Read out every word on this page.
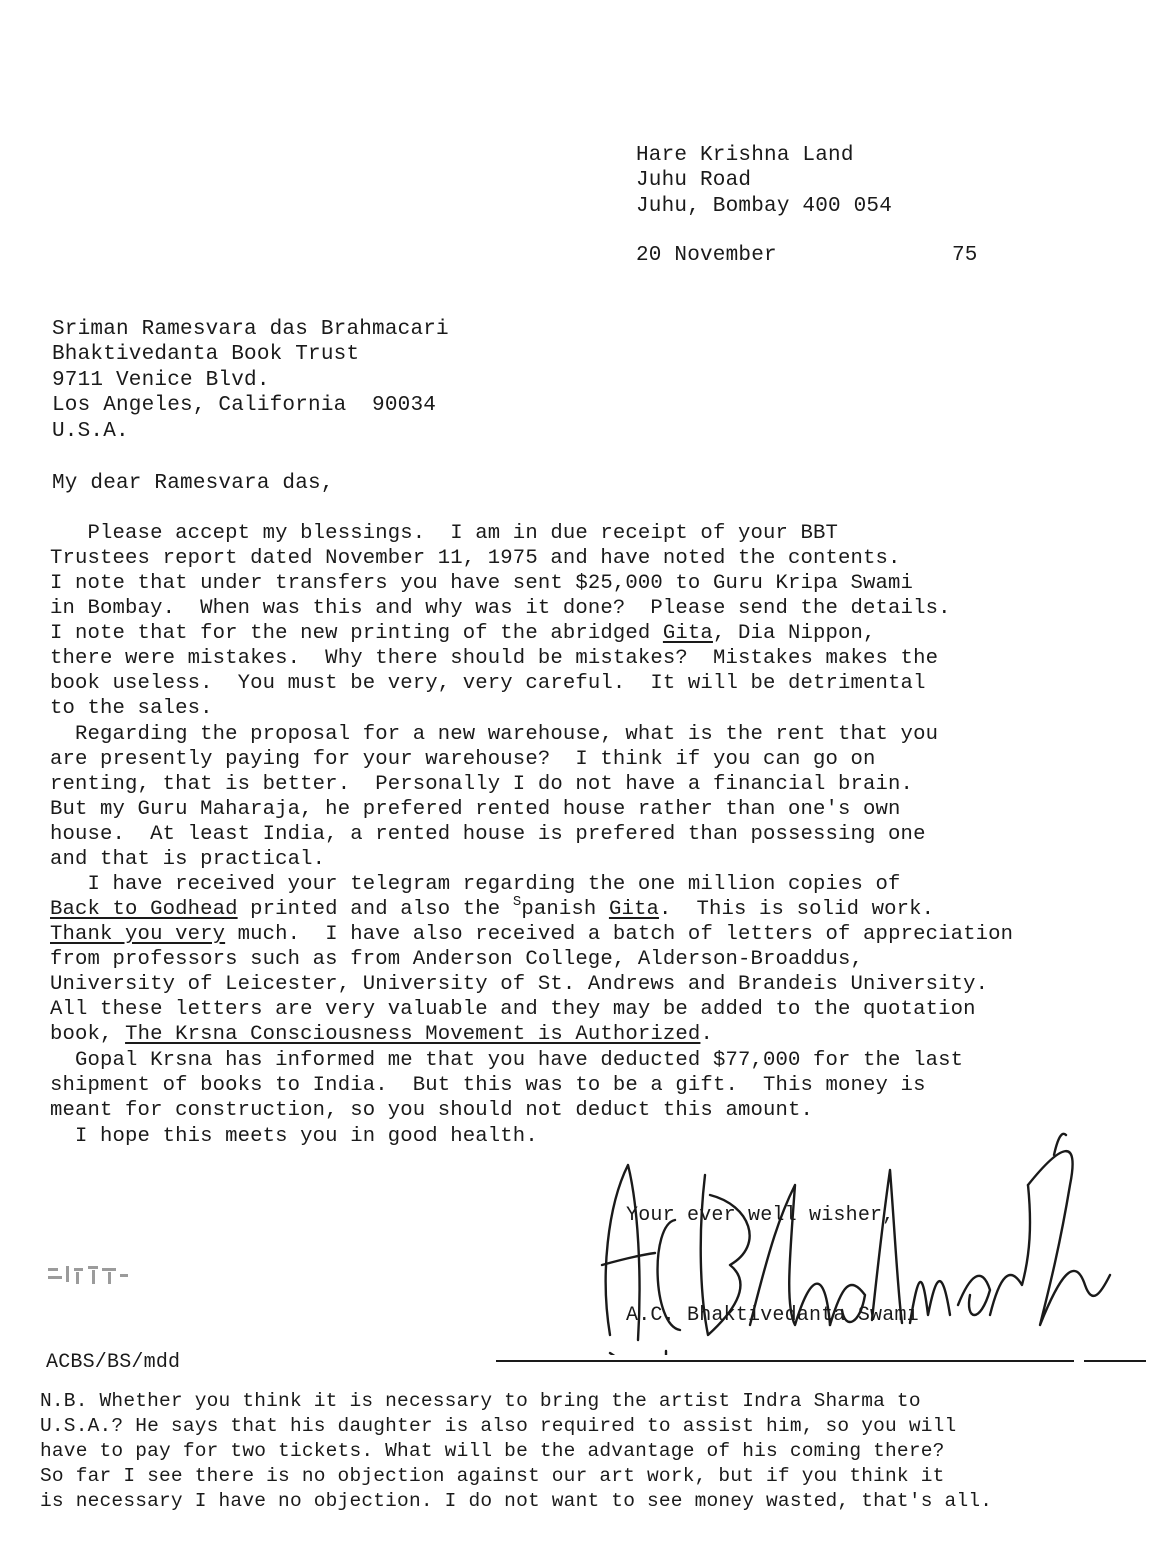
Hare Krishna Land
Juhu Road
Juhu, Bombay 400 054
20 November	75
Sriman Ramesvara das Brahmacari
Bhaktivedanta Book Trust
9711 Venice Blvd.
Los Angeles, California  90034
U.S.A.
My dear Ramesvara das,
Please accept my blessings.  I am in due receipt of your BBT
Trustees report dated November 11, 1975 and have noted the contents.
I note that under transfers you have sent $25,000 to Guru Kripa Swami
in Bombay.  When was this and why was it done?  Please send the details.
I note that for the new printing of the abridged Gita, Dia Nippon,
there were mistakes.  Why there should be mistakes?  Mistakes makes the
book useless.  You must be very, very careful.  It will be detrimental
to the sales.
Regarding the proposal for a new warehouse, what is the rent that you
are presently paying for your warehouse?  I think if you can go on
renting, that is better.  Personally I do not have a financial brain.
But my Guru Maharaja, he prefered rented house rather than one's own
house.  At least India, a rented house is prefered than possessing one
and that is practical.
I have received your telegram regarding the one million copies of
Back to Godhead printed and also the $^S$panish Gita.  This is solid work.
Thank you very much.  I have also received a batch of letters of appreciation
from professors such as from Anderson College, Alderson-Broaddus,
University of Leicester, University of St. Andrews and Brandeis University.
All these letters are very valuable and they may be added to the quotation
book, The Krsna Consciousness Movement is Authorized.
Gopal Krsna has informed me that you have deducted $77,000 for the last
shipment of books to India.  But this was to be a gift.  This money is
meant for construction, so you should not deduct this amount.
I hope this meets you in good health.
Your ever well wisher,
A.C. Bhaktivedanta Swami
ACBS/BS/mdd
N.B. Whether you think it is necessary to bring the artist Indra Sharma to
U.S.A.? He says that his daughter is also required to assist him, so you will
have to pay for two tickets. What will be the advantage of his coming there?
So far I see there is no objection against our art work, but if you think it
is necessary I have no objection. I do not want to see money wasted, that's all.
